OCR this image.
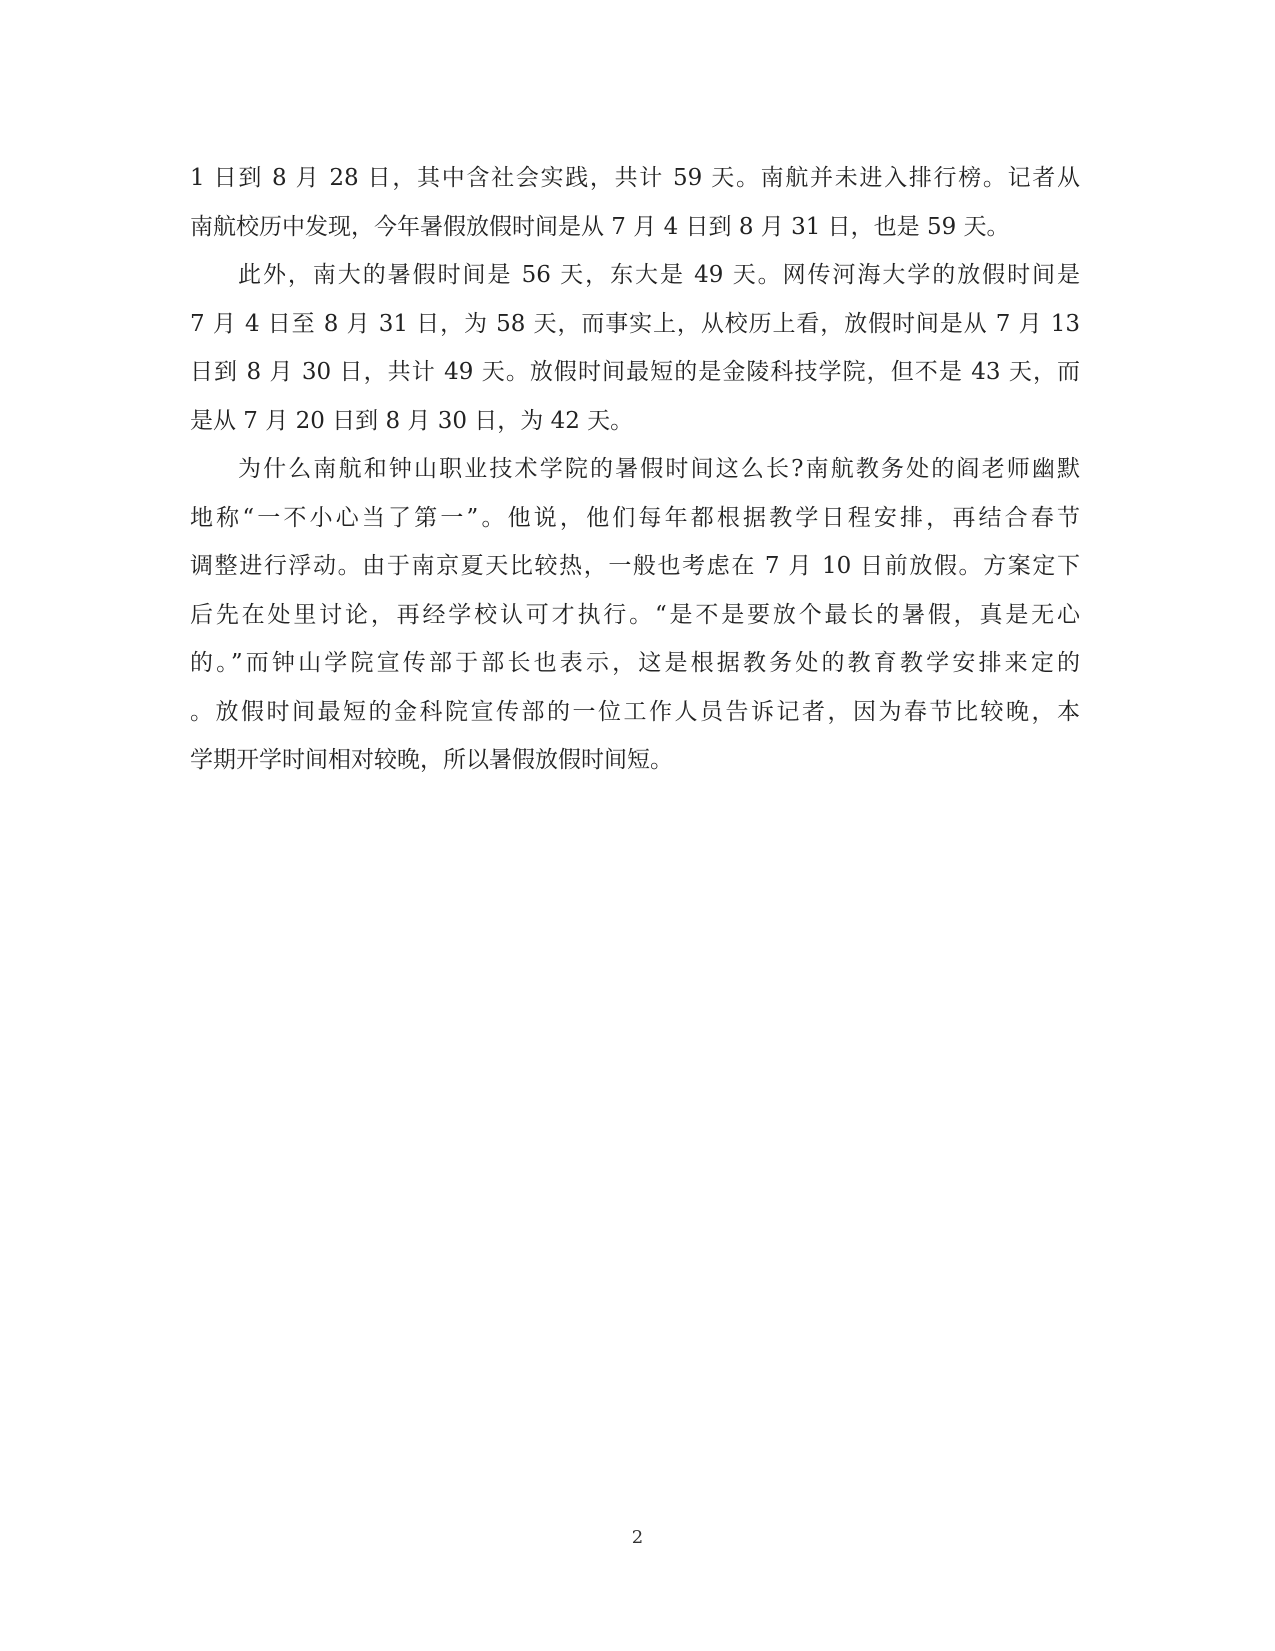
1 日到 8 月 28 日，其中含社会实践，共计 59 天。南航并未进入排行榜。记者从
南航校历中发现，今年暑假放假时间是从 7 月 4 日到 8 月 31 日，也是 59 天。
此外，南大的暑假时间是 56 天，东大是 49 天。网传河海大学的放假时间是
7 月 4 日至 8 月 31 日，为 58 天，而事实上，从校历上看，放假时间是从 7 月 13
日到 8 月 30 日，共计 49 天。放假时间最短的是金陵科技学院，但不是 43 天，而
是从 7 月 20 日到 8 月 30 日，为 42 天。
为什么南航和钟山职业技术学院的暑假时间这么长?南航教务处的阎老师幽默
地称“一不小心当了第一”。他说，他们每年都根据教学日程安排，再结合春节
调整进行浮动。由于南京夏天比较热，一般也考虑在 7 月 10 日前放假。方案定下
后先在处里讨论，再经学校认可才执行。“是不是要放个最长的暑假，真是无心
的。”而钟山学院宣传部于部长也表示，这是根据教务处的教育教学安排来定的
。放假时间最短的金科院宣传部的一位工作人员告诉记者，因为春节比较晚，本
学期开学时间相对较晚，所以暑假放假时间短。
2
